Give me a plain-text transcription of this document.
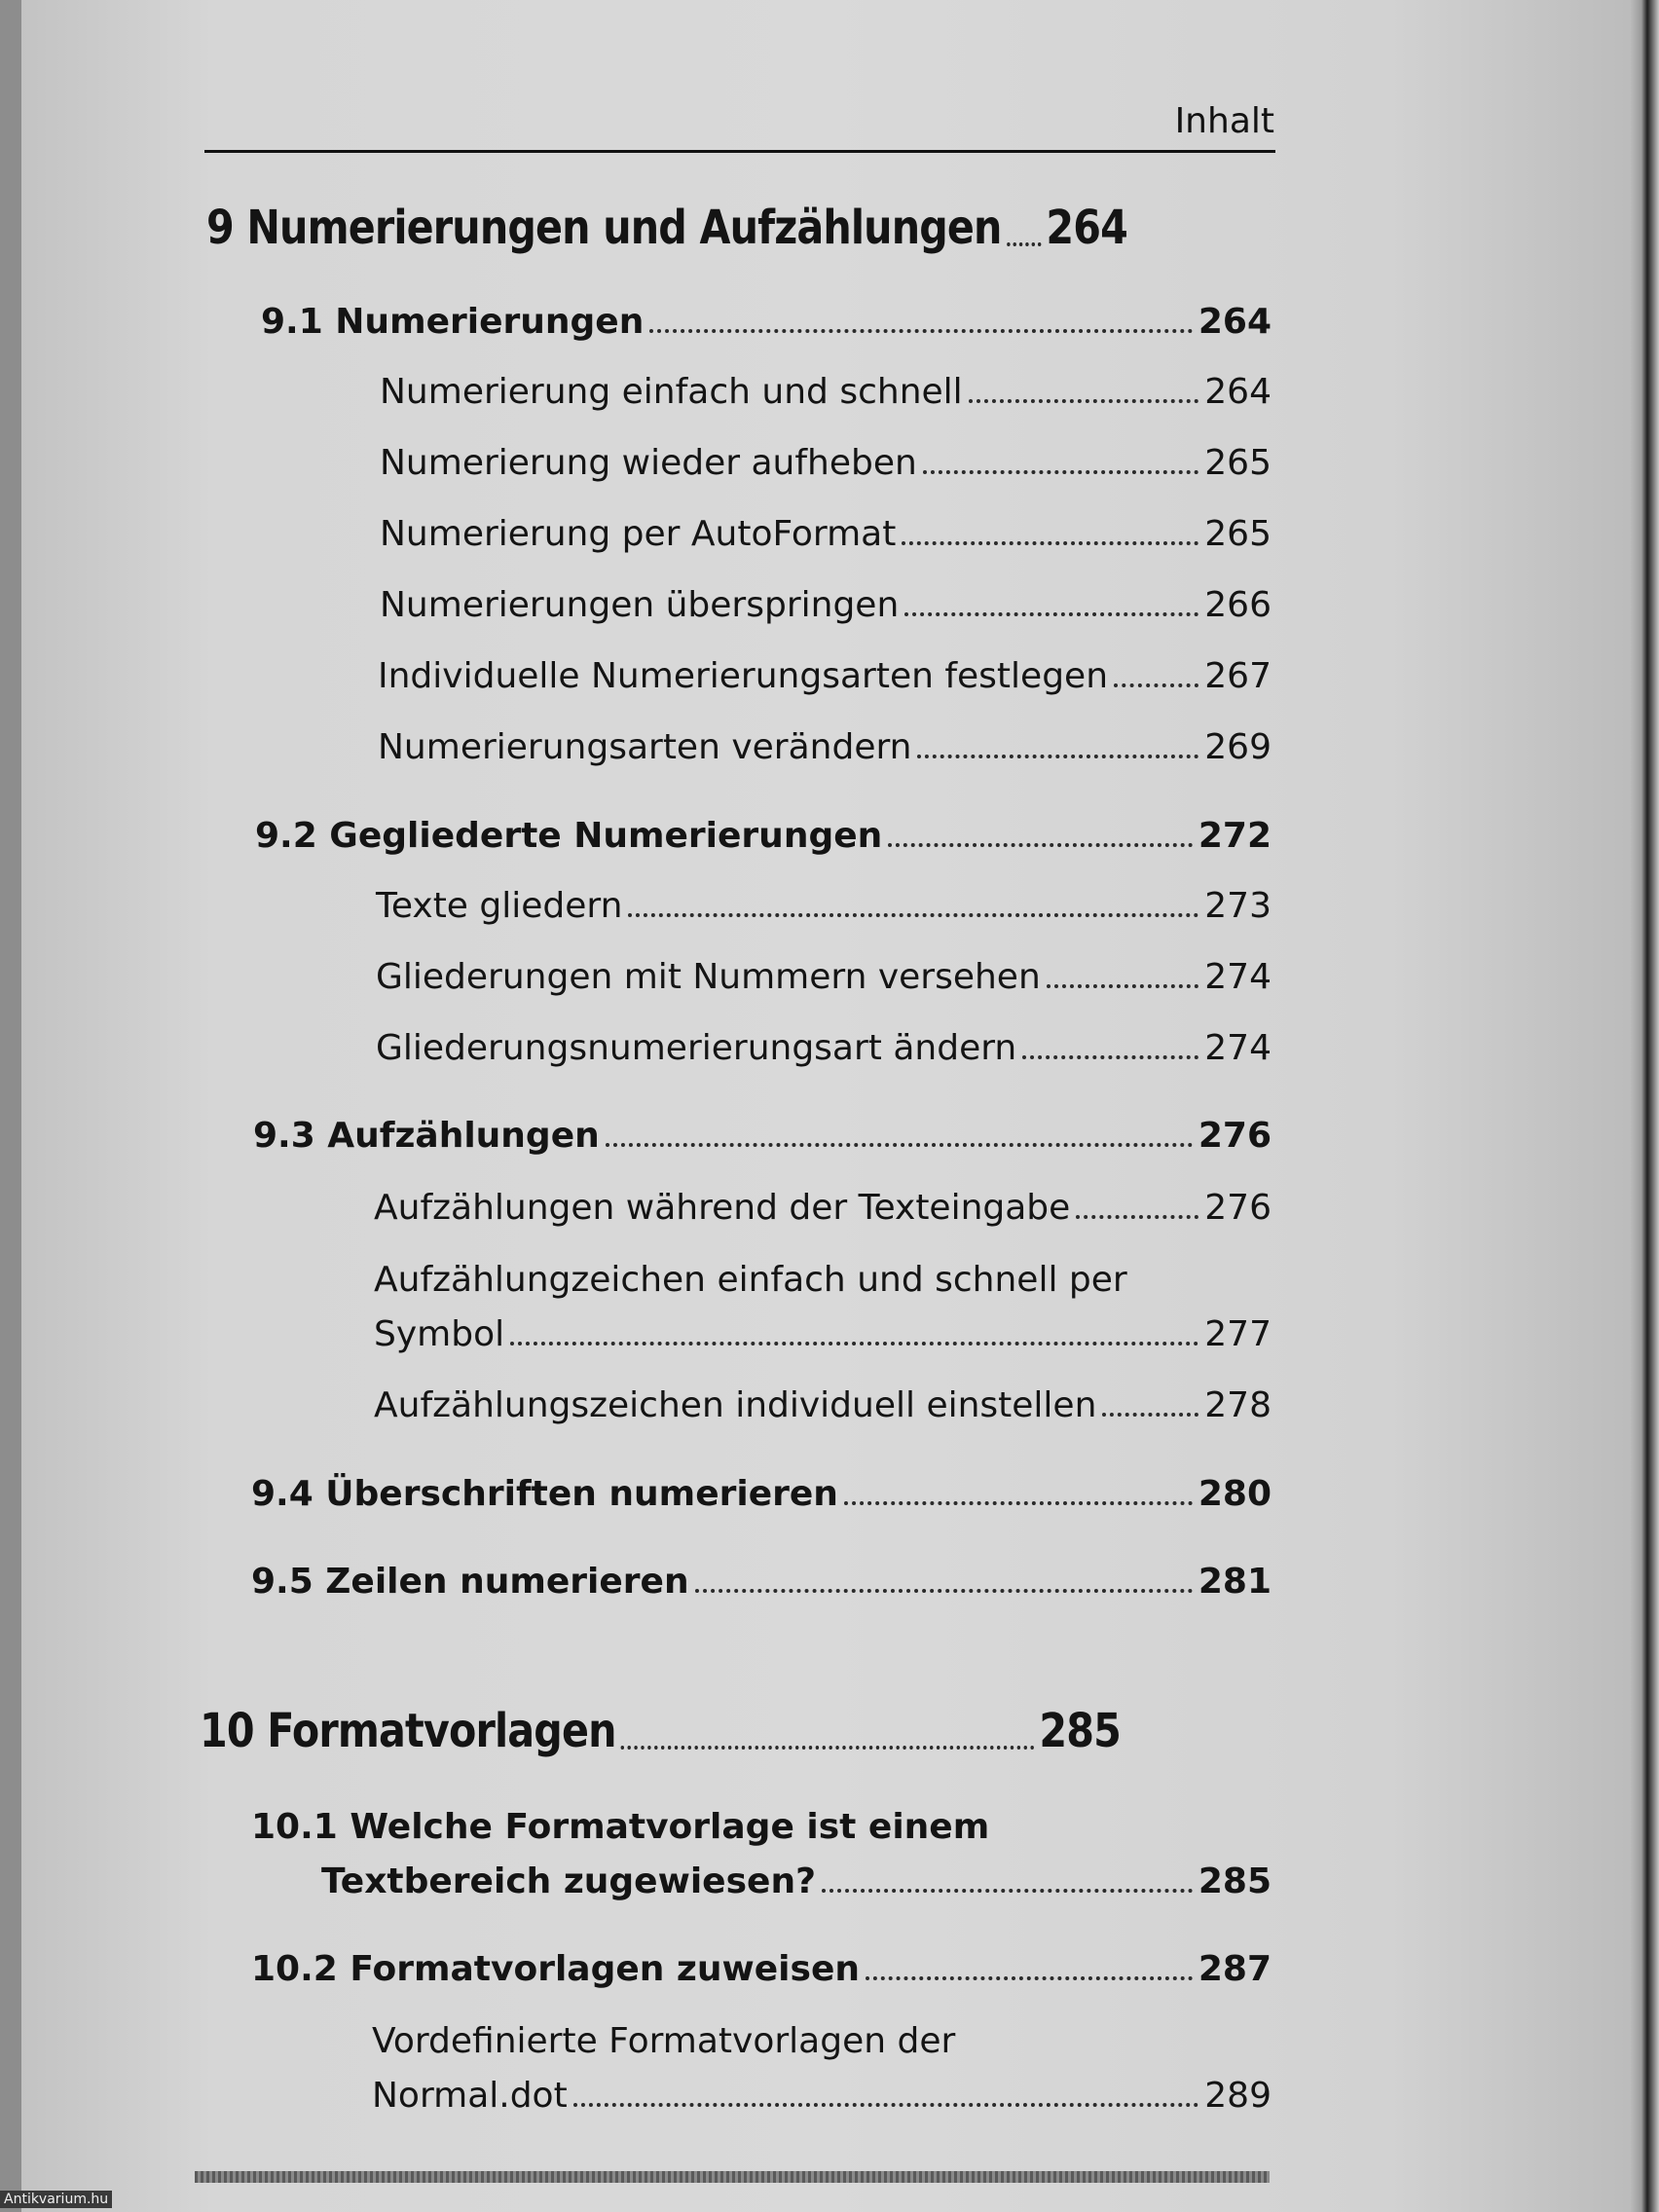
Inhalt
9 Numerierungen und Aufzählungen 264
9.1 Numerierungen	264
Numerierung einfach und schnell	264
Numerierung wieder aufheben	265
Numerierung per AutoFormat	265
Numerierungen überspringen	266
Individuelle Numerierungsarten festlegen	267
Numerierungsarten verändern	269
9.2 Gegliederte Numerierungen	272
Texte gliedern	273
Gliederungen mit Nummern versehen	274
Gliederungsnumerierungsart ändern	274
9.3 Aufzählungen	276
Aufzählungen während der Texteingabe	276
Aufzählungzeichen einfach und schnell per
Symbol	277
Aufzählungszeichen individuell einstellen	278
9.4 Überschriften numerieren	280
9.5 Zeilen numerieren	281
10 Formatvorlagen	285
10.1 Welche Formatvorlage ist einem
Textbereich zugewiesen?	285
10.2 Formatvorlagen zuweisen	287
Vordefinierte Formatvorlagen der
Normal.dot	289
Antikvarium.hu
